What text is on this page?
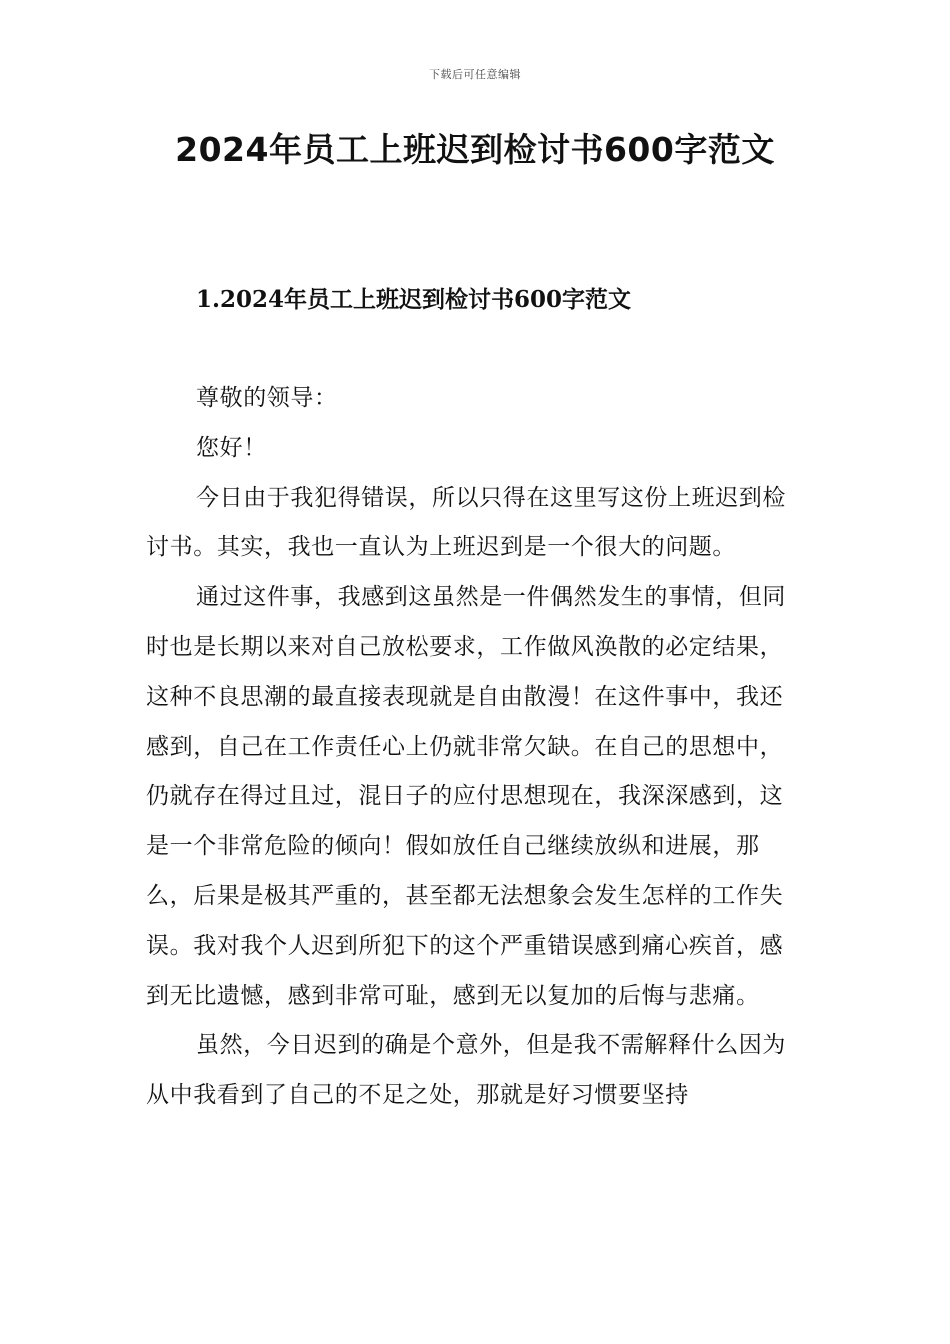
下载后可任意编辑
2024年员工上班迟到检讨书600字范文
1.2024年员工上班迟到检讨书600字范文

尊敬的领导：

您好！

今日由于我犯得错误，所以只得在这里写这份上班迟到检讨书。其实，我也一直认为上班迟到是一个很大的问题。

通过这件事，我感到这虽然是一件偶然发生的事情，但同时也是长期以来对自己放松要求，工作做风涣散的必定结果，这种不良思潮的最直接表现就是自由散漫！在这件事中，我还感到，自己在工作责任心上仍就非常欠缺。在自己的思想中，仍就存在得过且过，混日子的应付思想现在，我深深感到，这是一个非常危险的倾向！假如放任自己继续放纵和进展，那么，后果是极其严重的，甚至都无法想象会发生怎样的工作失误。我对我个人迟到所犯下的这个严重错误感到痛心疾首，感到无比遗憾，感到非常可耻，感到无以复加的后悔与悲痛。

虽然，今日迟到的确是个意外，但是我不需解释什么因为从中我看到了自己的不足之处，那就是好习惯要坚持
